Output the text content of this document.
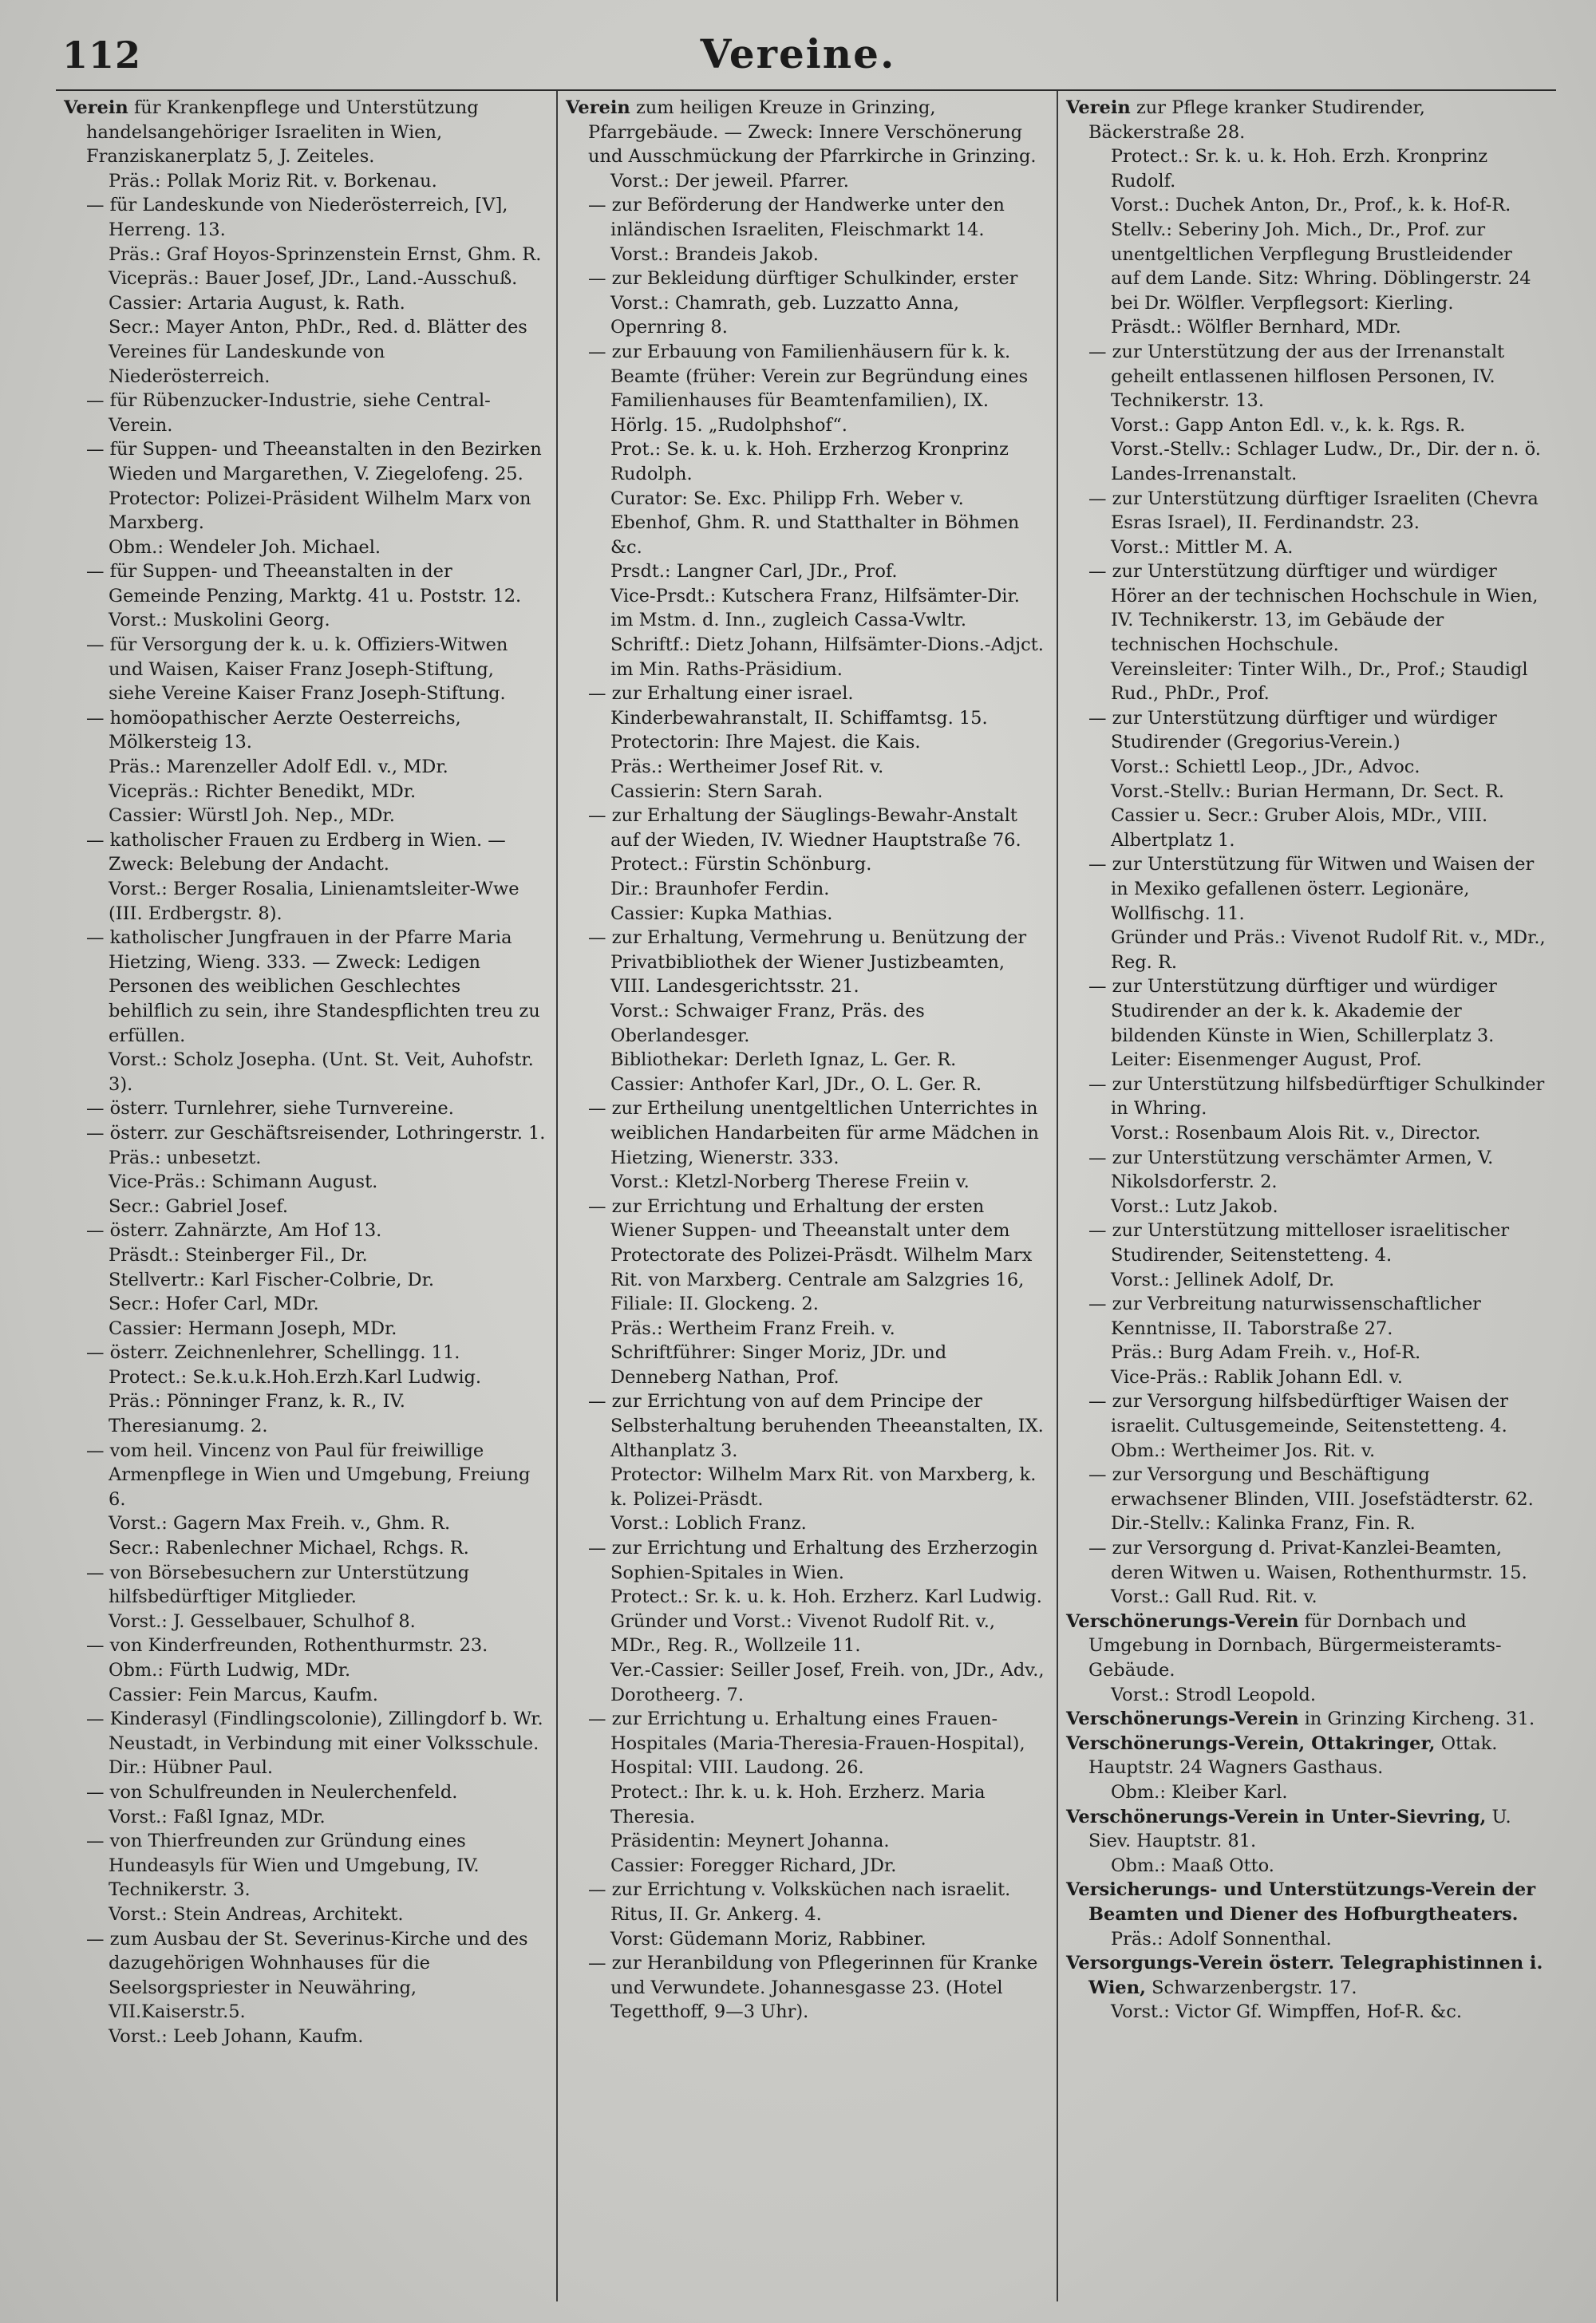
112	Vereine.

Verein für Krankenpflege und Unterstützung handelsangehöriger Israeliten in Wien, Franziskanerplatz 5, J. Zeiteles.

Präs.: Pollak Moriz Rit. v. Borkenau.

— für Landeskunde von Niederösterreich, [V], Herreng. 13.

Präs.: Graf Hoyos-Sprinzenstein Ernst, Ghm. R.

Vicepräs.: Bauer Josef, JDr., Land.-Ausschuß.

Cassier: Artaria August, k. Rath.

Secr.: Mayer Anton, PhDr., Red. d. Blätter des Vereines für Landeskunde von Niederösterreich.

— für Rübenzucker-Industrie, siehe Central-Verein.

— für Suppen- und Theeanstalten in den Bezirken Wieden und Margarethen, V. Ziegelofeng. 25.

Protector: Polizei-Präsident Wilhelm Marx von Marxberg.

Obm.: Wendeler Joh. Michael.

— für Suppen- und Theeanstalten in der Gemeinde Penzing, Marktg. 41 u. Poststr. 12.

Vorst.: Muskolini Georg.

— für Versorgung der k. u. k. Offiziers-Witwen und Waisen, Kaiser Franz Joseph-Stiftung, siehe Vereine Kaiser Franz Joseph-Stiftung.

— homöopathischer Aerzte Oesterreichs, Mölkersteig 13.

Präs.: Marenzeller Adolf Edl. v., MDr.

Vicepräs.: Richter Benedikt, MDr.

Cassier: Würstl Joh. Nep., MDr.

— katholischer Frauen zu Erdberg in Wien. — Zweck: Belebung der Andacht.

Vorst.: Berger Rosalia, Linienamtsleiter-Wwe (III. Erdbergstr. 8).

— katholischer Jungfrauen in der Pfarre Maria Hietzing, Wieng. 333. — Zweck: Ledigen Personen des weiblichen Geschlechtes behilflich zu sein, ihre Standespflichten treu zu erfüllen.

Vorst.: Scholz Josepha. (Unt. St. Veit, Auhofstr. 3).

— österr. Turnlehrer, siehe Turnvereine.

— österr. zur Geschäftsreisender, Lothringerstr. 1.

Präs.: unbesetzt.

Vice-Präs.: Schimann August.

Secr.: Gabriel Josef.

— österr. Zahnärzte, Am Hof 13.

Präsdt.: Steinberger Fil., Dr.

Stellvertr.: Karl Fischer-Colbrie, Dr.

Secr.: Hofer Carl, MDr.

Cassier: Hermann Joseph, MDr.

— österr. Zeichnenlehrer, Schellingg. 11.

Protect.: Se.k.u.k.Hoh.Erzh.Karl Ludwig.

Präs.: Pönninger Franz, k. R., IV. Theresianumg. 2.

— vom heil. Vincenz von Paul für freiwillige Armenpflege in Wien und Umgebung, Freiung 6.

Vorst.: Gagern Max Freih. v., Ghm. R.

Secr.: Rabenlechner Michael, Rchgs. R.

— von Börsebesuchern zur Unterstützung hilfsbedürftiger Mitglieder.

Vorst.: J. Gesselbauer, Schulhof 8.

— von Kinderfreunden, Rothenthurmstr. 23.

Obm.: Fürth Ludwig, MDr.

Cassier: Fein Marcus, Kaufm.

— Kinderasyl (Findlingscolonie), Zillingdorf b. Wr. Neustadt, in Verbindung mit einer Volksschule.

Dir.: Hübner Paul.

— von Schulfreunden in Neulerchenfeld.

Vorst.: Faßl Ignaz, MDr.

— von Thierfreunden zur Gründung eines Hundeasyls für Wien und Umgebung, IV. Technikerstr. 3.

Vorst.: Stein Andreas, Architekt.

— zum Ausbau der St. Severinus-Kirche und des dazugehörigen Wohnhauses für die Seelsorgspriester in Neuwähring, VII.Kaiserstr.5.

Vorst.: Leeb Johann, Kaufm.

Verein zum heiligen Kreuze in Grinzing, Pfarrgebäude. — Zweck: Innere Verschönerung und Ausschmückung der Pfarrkirche in Grinzing.

Vorst.: Der jeweil. Pfarrer.

— zur Beförderung der Handwerke unter den inländischen Israeliten, Fleischmarkt 14.

Vorst.: Brandeis Jakob.

— zur Bekleidung dürftiger Schulkinder, erster Vorst.: Chamrath, geb. Luzzatto Anna, Opernring 8.

— zur Erbauung von Familienhäusern für k. k. Beamte (früher: Verein zur Begründung eines Familienhauses für Beamtenfamilien), IX. Hörlg. 15. „Rudolphshof“.

Prot.: Se. k. u. k. Hoh. Erzherzog Kronprinz Rudolph.

Curator: Se. Exc. Philipp Frh. Weber v. Ebenhof, Ghm. R. und Statthalter in Böhmen &c.

Prsdt.: Langner Carl, JDr., Prof.

Vice-Prsdt.: Kutschera Franz, Hilfsämter-Dir. im Mstm. d. Inn., zugleich Cassa-Vwltr.

Schriftf.: Dietz Johann, Hilfsämter-Dions.-Adjct. im Min. Raths-Präsidium.

— zur Erhaltung einer israel. Kinderbewahranstalt, II. Schiffamtsg. 15.

Protectorin: Ihre Majest. die Kais.

Präs.: Wertheimer Josef Rit. v.

Cassierin: Stern Sarah.

— zur Erhaltung der Säuglings-Bewahr-Anstalt auf der Wieden, IV. Wiedner Hauptstraße 76.

Protect.: Fürstin Schönburg.

Dir.: Braunhofer Ferdin.

Cassier: Kupka Mathias.

— zur Erhaltung, Vermehrung u. Benützung der Privatbibliothek der Wiener Justizbeamten, VIII. Landesgerichtsstr. 21.

Vorst.: Schwaiger Franz, Präs. des Oberlandesger.

Bibliothekar: Derleth Ignaz, L. Ger. R.

Cassier: Anthofer Karl, JDr., O. L. Ger. R.

— zur Ertheilung unentgeltlichen Unterrichtes in weiblichen Handarbeiten für arme Mädchen in Hietzing, Wienerstr. 333.

Vorst.: Kletzl-Norberg Therese Freiin v.

— zur Errichtung und Erhaltung der ersten Wiener Suppen- und Theeanstalt unter dem Protectorate des Polizei-Präsdt. Wilhelm Marx Rit. von Marxberg. Centrale am Salzgries 16, Filiale: II. Glockeng. 2.

Präs.: Wertheim Franz Freih. v.

Schriftführer: Singer Moriz, JDr. und Denneberg Nathan, Prof.

— zur Errichtung von auf dem Principe der Selbsterhaltung beruhenden Theeanstalten, IX. Althanplatz 3.

Protector: Wilhelm Marx Rit. von Marxberg, k. k. Polizei-Präsdt.

Vorst.: Loblich Franz.

— zur Errichtung und Erhaltung des Erzherzogin Sophien-Spitales in Wien.

Protect.: Sr. k. u. k. Hoh. Erzherz. Karl Ludwig.

Gründer und Vorst.: Vivenot Rudolf Rit. v., MDr., Reg. R., Wollzeile 11.

Ver.-Cassier: Seiller Josef, Freih. von, JDr., Adv., Dorotheerg. 7.

— zur Errichtung u. Erhaltung eines Frauen-Hospitales (Maria-Theresia-Frauen-Hospital), Hospital: VIII. Laudong. 26.

Protect.: Ihr. k. u. k. Hoh. Erzherz. Maria Theresia.

Präsidentin: Meynert Johanna.

Cassier: Foregger Richard, JDr.

— zur Errichtung v. Volksküchen nach israelit. Ritus, II. Gr. Ankerg. 4.

Vorst: Güdemann Moriz, Rabbiner.

— zur Heranbildung von Pflegerinnen für Kranke und Verwundete. Johannesgasse 23. (Hotel Tegetthoff, 9—3 Uhr).

Verein zur Pflege kranker Studirender, Bäckerstraße 28.

Protect.: Sr. k. u. k. Hoh. Erzh. Kronprinz Rudolf.

Vorst.: Duchek Anton, Dr., Prof., k. k. Hof-R.

Stellv.: Seberiny Joh. Mich., Dr., Prof. zur unentgeltlichen Verpflegung Brustleidender auf dem Lande. Sitz: Whring. Döblingerstr. 24 bei Dr. Wölfler. Verpflegsort: Kierling.

Präsdt.: Wölfler Bernhard, MDr.

— zur Unterstützung der aus der Irrenanstalt geheilt entlassenen hilflosen Personen, IV. Technikerstr. 13.

Vorst.: Gapp Anton Edl. v., k. k. Rgs. R.

Vorst.-Stellv.: Schlager Ludw., Dr., Dir. der n. ö. Landes-Irrenanstalt.

— zur Unterstützung dürftiger Israeliten (Chevra Esras Israel), II. Ferdinandstr. 23.

Vorst.: Mittler M. A.

— zur Unterstützung dürftiger und würdiger Hörer an der technischen Hochschule in Wien, IV. Technikerstr. 13, im Gebäude der technischen Hochschule.

Vereinsleiter: Tinter Wilh., Dr., Prof.; Staudigl Rud., PhDr., Prof.

— zur Unterstützung dürftiger und würdiger Studirender (Gregorius-Verein.)

Vorst.: Schiettl Leop., JDr., Advoc.

Vorst.-Stellv.: Burian Hermann, Dr. Sect. R.

Cassier u. Secr.: Gruber Alois, MDr., VIII. Albertplatz 1.

— zur Unterstützung für Witwen und Waisen der in Mexiko gefallenen österr. Legionäre, Wollfischg. 11.

Gründer und Präs.: Vivenot Rudolf Rit. v., MDr., Reg. R.

— zur Unterstützung dürftiger und würdiger Studirender an der k. k. Akademie der bildenden Künste in Wien, Schillerplatz 3.

Leiter: Eisenmenger August, Prof.

— zur Unterstützung hilfsbedürftiger Schulkinder in Whring.

Vorst.: Rosenbaum Alois Rit. v., Director.

— zur Unterstützung verschämter Armen, V. Nikolsdorferstr. 2.

Vorst.: Lutz Jakob.

— zur Unterstützung mittelloser israelitischer Studirender, Seitenstetteng. 4.

Vorst.: Jellinek Adolf, Dr.

— zur Verbreitung naturwissenschaftlicher Kenntnisse, II. Taborstraße 27.

Präs.: Burg Adam Freih. v., Hof-R.

Vice-Präs.: Rablik Johann Edl. v.

— zur Versorgung hilfsbedürftiger Waisen der israelit. Cultusgemeinde, Seitenstetteng. 4.

Obm.: Wertheimer Jos. Rit. v.

— zur Versorgung und Beschäftigung erwachsener Blinden, VIII. Josefstädterstr. 62.

Dir.-Stellv.: Kalinka Franz, Fin. R.

— zur Versorgung d. Privat-Kanzlei-Beamten, deren Witwen u. Waisen, Rothenthurmstr. 15.

Vorst.: Gall Rud. Rit. v.

Verschönerungs-Verein für Dornbach und Umgebung in Dornbach, Bürgermeisteramts-Gebäude.

Vorst.: Strodl Leopold.

Verschönerungs-Verein in Grinzing Kircheng. 31.

Verschönerungs-Verein, Ottakringer, Ottak. Hauptstr. 24 Wagners Gasthaus.

Obm.: Kleiber Karl.

Verschönerungs-Verein in Unter-Sievring, U. Siev. Hauptstr. 81.

Obm.: Maaß Otto.

Versicherungs- und Unterstützungs-Verein der Beamten und Diener des Hofburgtheaters.

Präs.: Adolf Sonnenthal.

Versorgungs-Verein österr. Telegraphistinnen i. Wien, Schwarzenbergstr. 17.

Vorst.: Victor Gf. Wimpffen, Hof-R. &c.
